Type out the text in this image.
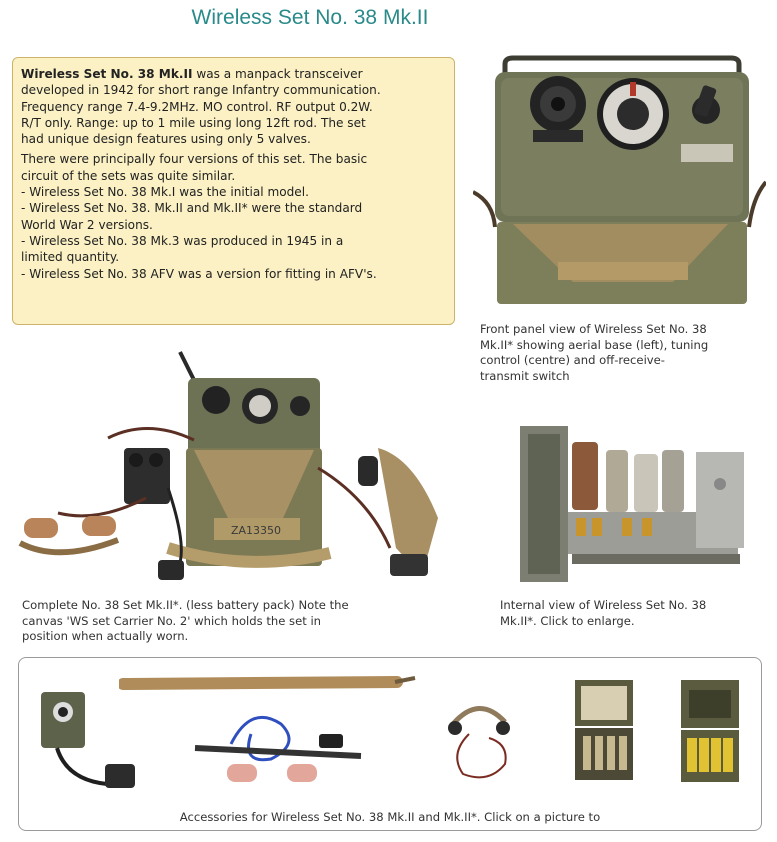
Wireless Set No. 38 Mk.II

Wireless Set No. 38 Mk.II was a manpack transceiver
developed in 1942 for short range Infantry communication.
Frequency range 7.4-9.2MHz. MO control. RF output 0.2W.
R/T only. Range: up to 1 mile using long 12ft rod. The set
had unique design features using only 5 valves.

There were principally four versions of this set. The basic
circuit of the sets was quite similar.
- Wireless Set No. 38 Mk.I was the initial model.
- Wireless Set No. 38. Mk.II and Mk.II* were the standard
World War 2 versions.
- Wireless Set No. 38 Mk.3 was produced in 1945 in a
limited quantity.
- Wireless Set No. 38 AFV was a version for fitting in AFV's.

Front panel view of Wireless Set No. 38
Mk.II* showing aerial base (left), tuning
control (centre) and off-receive-
transmit switch
ZA13350
Complete No. 38 Set Mk.II*. (less battery pack) Note the
canvas 'WS set Carrier No. 2' which holds the set in
position when actually worn.
Internal view of Wireless Set No. 38
Mk.II*. Click to enlarge.
Accessories for Wireless Set No. 38 Mk.II and Mk.II*. Click on a picture to
